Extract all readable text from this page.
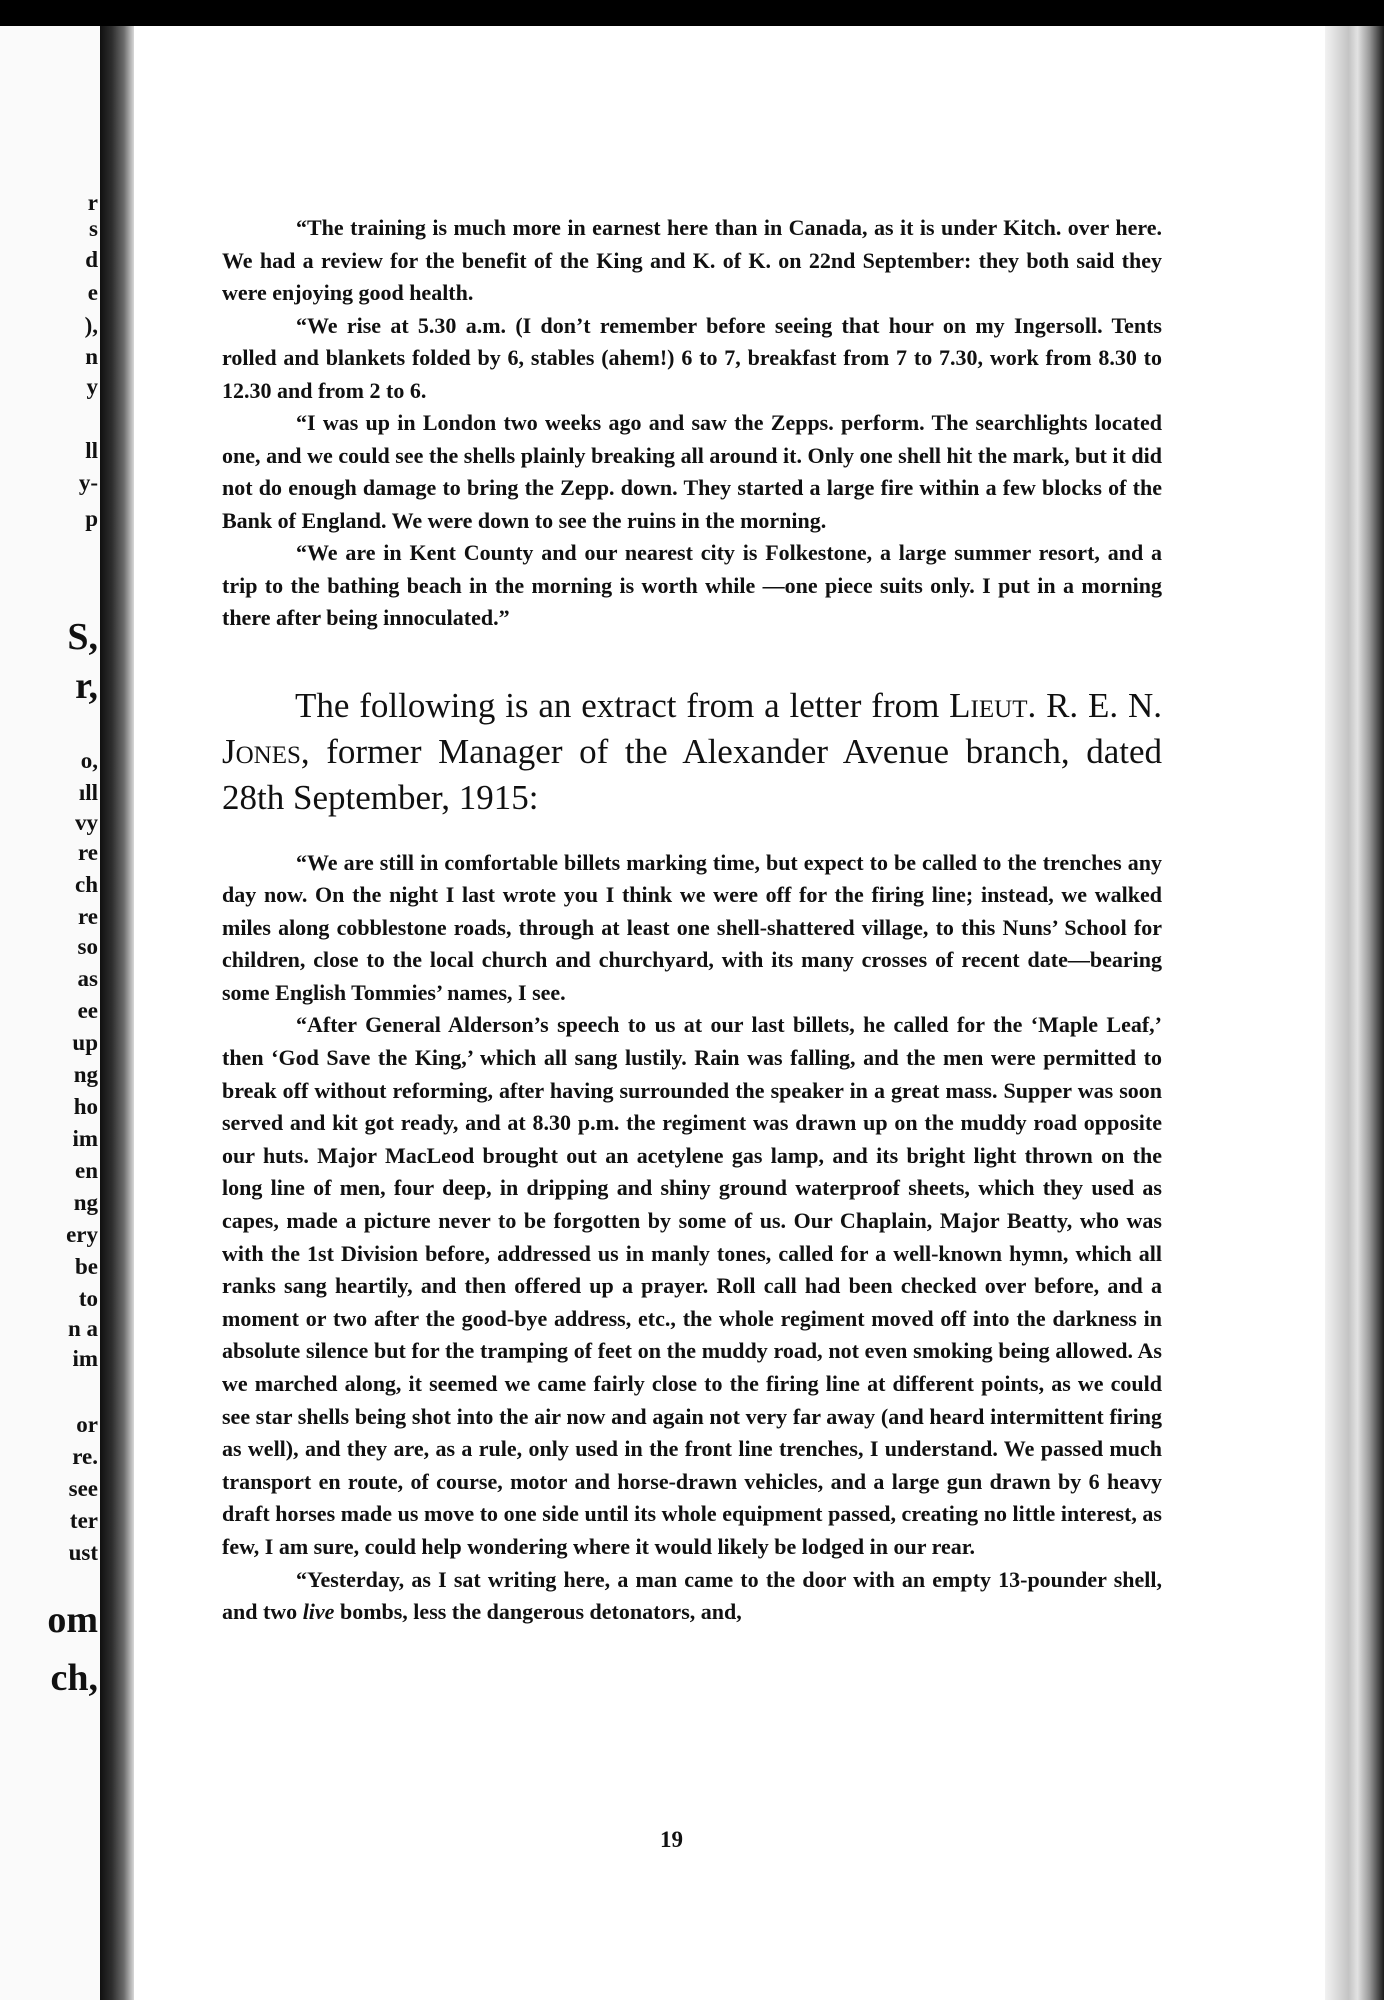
r
s
d
e
),
n
y
ll
y-
p
S,
r,
o,
ıll
vy
re
ch
re
so
as
ee
up
ng
ho
im
en
ng
ery
be
to
n a
im
or
re.
see
ter
ust
om
ch,

“The training is much more in earnest here than in Canada, as it is under Kitch. over here. We had a review for the benefit of the King and K. of K. on 22nd September: they both said they were enjoying good health.

“We rise at 5.30 a.m. (I don’t remember before seeing that hour on my Ingersoll. Tents rolled and blankets folded by 6, stables (ahem!) 6 to 7, breakfast from 7 to 7.30, work from 8.30 to 12.30 and from 2 to 6.

“I was up in London two weeks ago and saw the Zepps. perform. The searchlights located one, and we could see the shells plainly breaking all around it. Only one shell hit the mark, but it did not do enough damage to bring the Zepp. down. They started a large fire within a few blocks of the Bank of England. We were down to see the ruins in the morning.

“We are in Kent County and our nearest city is Folkestone, a large summer resort, and a trip to the bathing beach in the morning is worth while —one piece suits only. I put in a morning there after being innoculated.”

The following is an extract from a letter from Lieut. R. E. N. Jones, former Manager of the Alexander Avenue branch, dated 28th September, 1915:

“We are still in comfortable billets marking time, but expect to be called to the trenches any day now. On the night I last wrote you I think we were off for the firing line; instead, we walked miles along cobblestone roads, through at least one shell-shattered village, to this Nuns’ School for children, close to the local church and churchyard, with its many crosses of recent date—bearing some English Tommies’ names, I see.

“After General Alderson’s speech to us at our last billets, he called for the ‘Maple Leaf,’ then ‘God Save the King,’ which all sang lustily. Rain was falling, and the men were permitted to break off without reforming, after having surrounded the speaker in a great mass. Supper was soon served and kit got ready, and at 8.30 p.m. the regiment was drawn up on the muddy road opposite our huts. Major MacLeod brought out an acetylene gas lamp, and its bright light thrown on the long line of men, four deep, in dripping and shiny ground waterproof sheets, which they used as capes, made a picture never to be forgotten by some of us. Our Chaplain, Major Beatty, who was with the 1st Division before, addressed us in manly tones, called for a well-known hymn, which all ranks sang heartily, and then offered up a prayer. Roll call had been checked over before, and a moment or two after the good-bye address, etc., the whole regiment moved off into the darkness in absolute silence but for the tramping of feet on the muddy road, not even smoking being allowed. As we marched along, it seemed we came fairly close to the firing line at different points, as we could see star shells being shot into the air now and again not very far away (and heard intermittent firing as well), and they are, as a rule, only used in the front line trenches, I understand. We passed much transport en route, of course, motor and horse-drawn vehicles, and a large gun drawn by 6 heavy draft horses made us move to one side until its whole equipment passed, creating no little interest, as few, I am sure, could help wondering where it would likely be lodged in our rear.

“Yesterday, as I sat writing here, a man came to the door with an empty 13-pounder shell, and two live bombs, less the dangerous detonators, and,

19
